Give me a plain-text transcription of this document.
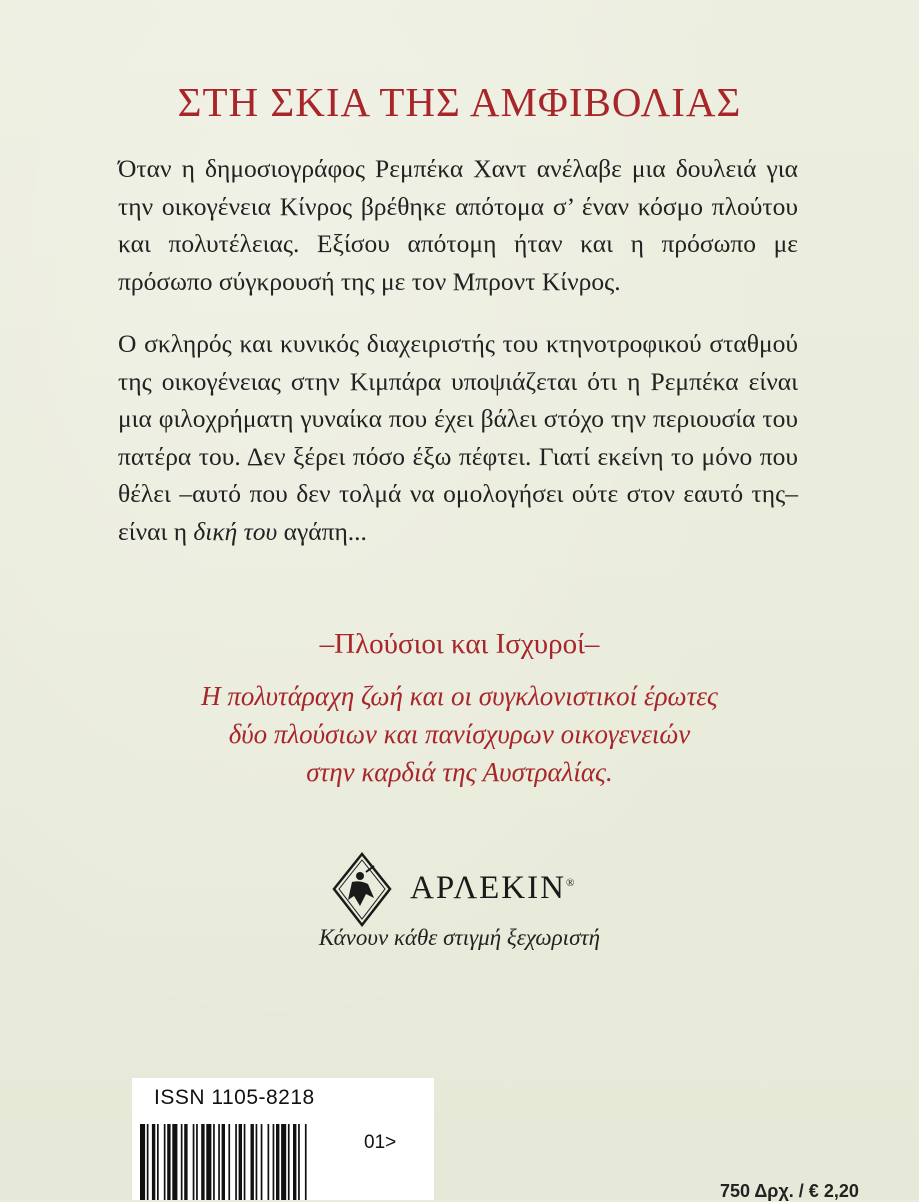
ΣΤΗ ΣΚΙΑ ΤΗΣ ΑΜΦΙΒΟΛΙΑΣ
Όταν η δημοσιογράφος Ρεμπέκα Χαντ ανέλαβε μια δουλειά για την οικογένεια Κίνρος βρέθηκε απότομα σ’ έναν κόσμο πλούτου και πολυτέλειας. Εξίσου απότομη ήταν και η πρόσωπο με πρόσωπο σύγκρουσή της με τον Μπροντ Κίνρος.
Ο σκληρός και κυνικός διαχειριστής του κτηνοτροφικού σταθμού της οικογένειας στην Κιμπάρα υποψιάζεται ότι η Ρεμπέκα είναι μια φιλοχρήματη γυναίκα που έχει βάλει στόχο την περιουσία του πατέρα του. Δεν ξέρει πόσο έξω πέφτει. Γιατί εκείνη το μόνο που θέλει –αυτό που δεν τολμά να ομολογήσει ούτε στον εαυτό της– είναι η δική του αγάπη...
–Πλούσιοι και Ισχυροί–
Η πολυτάραχη ζωή και οι συγκλονιστικοί έρωτες
δύο πλούσιων και πανίσχυρων οικογενειών
στην καρδιά της Αυστραλίας.
ΑΡΛΕΚΙΝ®
Κάνουν κάθε στιγμή ξεχωριστή
ISSN 1105-8218
01>
750 Δρχ. / € 2,20
